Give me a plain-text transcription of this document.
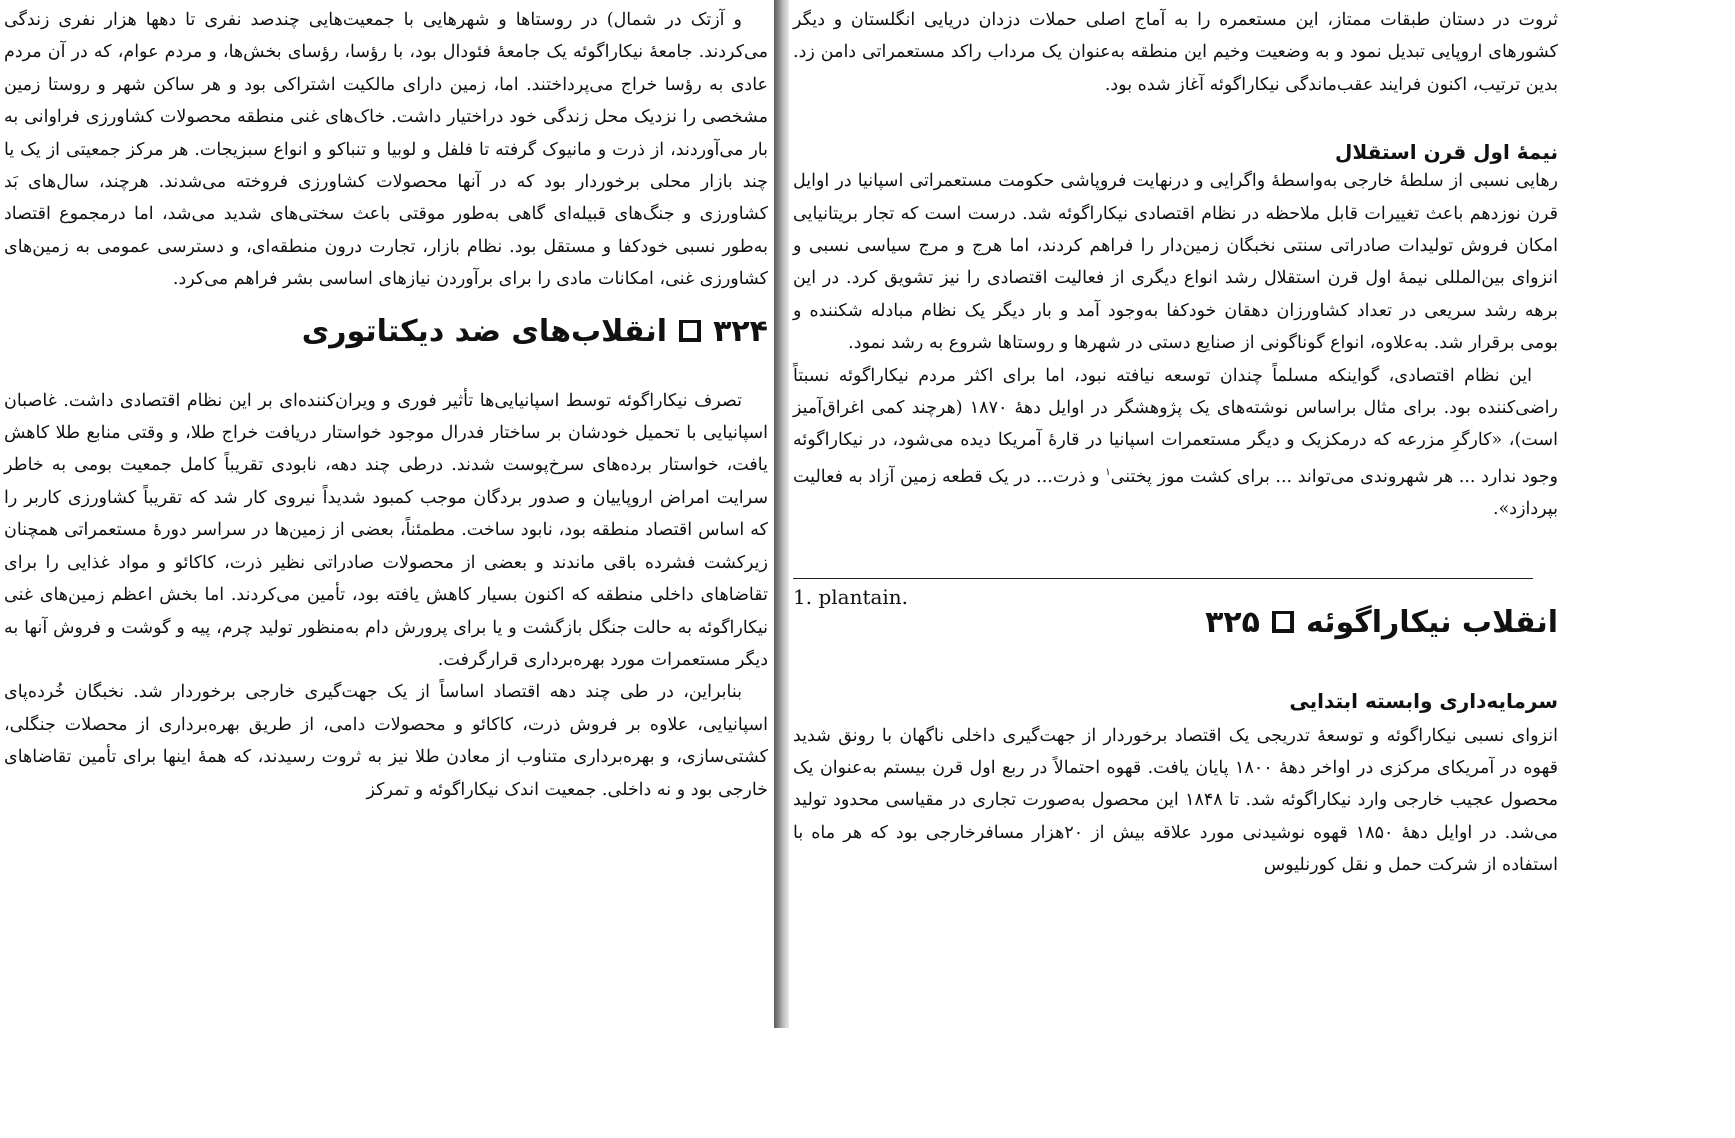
و آزتک در شمال) در روستاها و شهرهایی با جمعیت‌هایی چندصد نفری تا دهها هزار نفری زندگی می‌کردند. جامعهٔ نیکاراگوئه یک جامعهٔ فئودال بود، با رؤسا، رؤسای بخش‌ها، و مردم عوام، که در آن مردم عادی به رؤسا خراج می‌پرداختند. اما، زمین دارای مالکیت اشتراکی بود و هر ساکن شهر و روستا زمین مشخصی را نزدیک محل زندگی خود دراختیار داشت. خاک‌های غنی منطقه محصولات کشاورزی فراوانی به بار می‌آوردند، از ذرت و مانیوک گرفته تا فلفل و لوبیا و تنباکو و انواع سبزیجات. هر مرکز جمعیتی از یک یا چند بازار محلی برخوردار بود که در آنها محصولات کشاورزی فروخته می‌شدند. هرچند، سال‌های بَد کشاورزی و جنگ‌های قبیله‌ای گاهی به‌طور موقتی باعث سختی‌های شدید می‌شد، اما درمجموع اقتصاد به‌طور نسبی خودکفا و مستقل بود. نظام بازار، تجارت درون منطقه‌ای، و دسترسی عمومی به زمین‌های کشاورزی غنی، امکانات مادی را برای برآوردن نیازهای اساسی بشر فراهم می‌کرد.

۳۲۴
انقلاب‌های ضد دیکتاتوری

تصرف نیکاراگوئه توسط اسپانیایی‌ها تأثیر فوری و ویران‌کننده‌ای بر این نظام اقتصادی داشت. غاصبان اسپانیایی با تحمیل خودشان بر ساختار فدرال موجود خواستار دریافت خراج طلا، و وقتی منابع طلا کاهش یافت، خواستار برده‌های سرخ‌پوست شدند. درطی چند دهه، نابودی تقریباً کامل جمعیت بومی به خاطر سرایت امراض اروپاییان و صدور بردگان موجب کمبود شدیداً نیروی کار شد که تقریباً کشاورزی کاربر را که اساس اقتصاد منطقه بود، نابود ساخت. مطمئناً، بعضی از زمین‌ها در سراسر دورهٔ مستعمراتی همچنان زیرکشت فشرده باقی ماندند و بعضی از محصولات صادراتی نظیر ذرت، کاکائو و مواد غذایی را برای تقاضاهای داخلی منطقه که اکنون بسیار کاهش یافته بود، تأمین می‌کردند. اما بخش اعظم زمین‌های غنی نیکاراگوئه به حالت جنگل بازگشت و یا برای پرورش دام به‌منظور تولید چرم، پیه و گوشت و فروش آنها به دیگر مستعمرات مورد بهره‌برداری قرارگرفت.

بنابراین، در طی چند دهه اقتصاد اساساً از یک جهت‌گیری خارجی برخوردار شد. نخبگان خُرده‌پای اسپانیایی، علاوه بر فروش ذرت، کاکائو و محصولات دامی، از طریق بهره‌برداری از محصلات جنگلی، کشتی‌سازی، و بهره‌برداری متناوب از معادن طلا نیز به ثروت رسیدند، که همهٔ اینها برای تأمین تقاضاهای خارجی بود و نه داخلی. جمعیت اندک نیکاراگوئه و تمرکز

ثروت در دستان طبقات ممتاز، این مستعمره را به آماج اصلی حملات دزدان دریایی انگلستان و دیگر کشورهای اروپایی تبدیل نمود و به وضعیت وخیم این منطقه به‌عنوان یک مرداب راکد مستعمراتی دامن زد. بدین ترتیب، اکنون فرایند عقب‌ماندگی نیکاراگوئه آغاز شده بود.

نیمهٔ اول قرن استقلال

رهایی نسبی از سلطهٔ خارجی به‌واسطهٔ واگرایی و درنهایت فروپاشی حکومت مستعمراتی اسپانیا در اوایل قرن نوزدهم باعث تغییرات قابل ملاحظه در نظام اقتصادی نیکاراگوئه شد. درست است که تجار بریتانیایی امکان فروش تولیدات صادراتی سنتی نخبگان زمین‌دار را فراهم کردند، اما هرج و مرج سیاسی نسبی و انزوای بین‌المللی نیمهٔ اول قرن استقلال رشد انواع دیگری از فعالیت اقتصادی را نیز تشویق کرد. در این برهه رشد سریعی در تعداد کشاورزان دهقان خودکفا به‌وجود آمد و بار دیگر یک نظام مبادله شکننده و بومی برقرار شد. به‌علاوه، انواع گوناگونی از صنایع دستی در شهرها و روستاها شروع به رشد نمود.

این نظام اقتصادی، گواینکه مسلماً چندان توسعه نیافته نبود، اما برای اکثر مردم نیکاراگوئه نسبتاً راضی‌کننده بود. برای مثال براساس نوشته‌های یک پژوهشگر در اوایل دههٔ ۱۸۷۰ (هرچند کمی اغراق‌آمیز است)، «کارگرِ مزرعه که درمکزیک و دیگر مستعمرات اسپانیا در قارهٔ آمریکا دیده می‌شود، در نیکاراگوئه وجود ندارد ... هر شهروندی می‌تواند ... برای کشت موز پختنی$^۱$ و ذرت... در یک قطعه زمین آزاد به فعالیت بپردازد».

1. plantain.
انقلاب نیکاراگوئه
۳۲۵
سرمایه‌داری وابسته ابتدایی

انزوای نسبی نیکاراگوئه و توسعهٔ تدریجی یک اقتصاد برخوردار از جهت‌گیری داخلی ناگهان با رونق شدید قهوه در آمریکای مرکزی در اواخر دههٔ ۱۸۰۰ پایان یافت. قهوه احتمالاً در ربع اول قرن بیستم به‌عنوان یک محصول عجیب خارجی وارد نیکاراگوئه شد. تا ۱۸۴۸ این محصول به‌صورت تجاری در مقیاسی محدود تولید می‌شد. در اوایل دههٔ ۱۸۵۰ قهوه نوشیدنی مورد علاقه بیش از ۲۰هزار مسافرخارجی بود که هر ماه با استفاده از شرکت حمل و نقل کورنلیوس
